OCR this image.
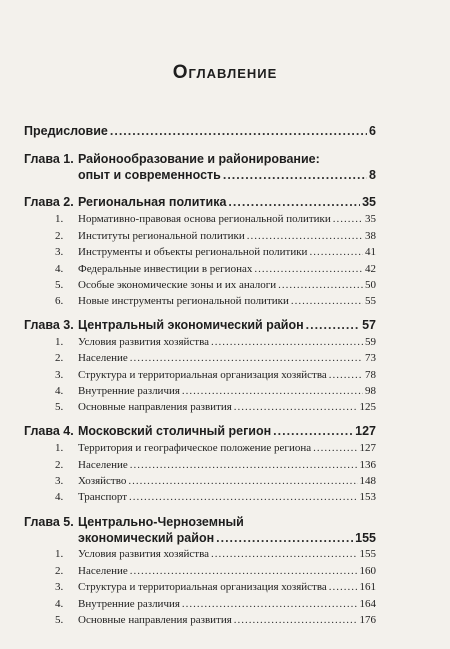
Оглавление
Предисловие .....	6
Глава 1. Районообразование и районирование:
опыт и современность .....	8
Глава 2. Региональная политика .....	35
1. Нормативно-правовая основа региональной политики .....	35
2. Институты региональной политики .....	38
3. Инструменты и объекты региональной политики .....	41
4. Федеральные инвестиции в регионах .....	42
5. Особые экономические зоны и их аналоги .....	50
6. Новые инструменты региональной политики .....	55
Глава 3. Центральный экономический район .....	57
1. Условия развития хозяйства .....	59
2. Население .....	73
3. Структура и территориальная организация хозяйства .....	78
4. Внутренние различия .....	98
5. Основные направления развития .....	125
Глава 4. Московский столичный регион .....	127
1. Территория и географическое положение региона .....	127
2. Население .....	136
3. Хозяйство .....	148
4. Транспорт .....	153
Глава 5. Центрально-Черноземный
экономический район .....	155
1. Условия развития хозяйства .....	155
2. Население .....	160
3. Структура и территориальная организация хозяйства .....	161
4. Внутренние различия .....	164
5. Основные направления развития .....	176
